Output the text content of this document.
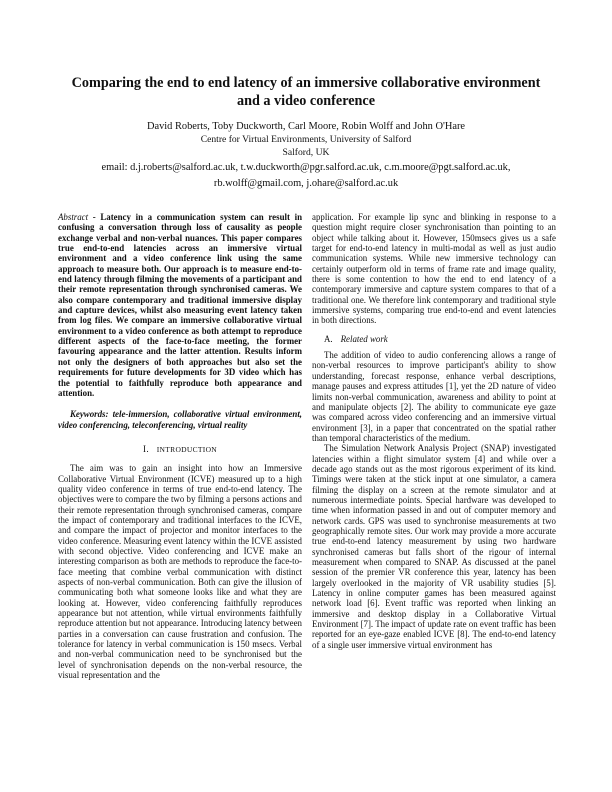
Comparing the end to end latency of an immersive collaborative environment and a video conference
David Roberts, Toby Duckworth, Carl Moore, Robin Wolff and John O'Hare
Centre for Virtual Environments, University of Salford
Salford, UK
email: d.j.roberts@salford.ac.uk, t.w.duckworth@pgr.salford.ac.uk, c.m.moore@pgt.salford.ac.uk,
rb.wolff@gmail.com, j.ohare@salford.ac.uk

Abstract - Latency in a communication system can result in confusing a conversation through loss of causality as people exchange verbal and non-verbal nuances. This paper compares true end-to-end latencies across an immersive virtual environment and a video conference link using the same approach to measure both. Our approach is to measure end-to-end latency through filming the movements of a participant and their remote representation through synchronised cameras. We also compare contemporary and traditional immersive display and capture devices, whilst also measuring event latency taken from log files. We compare an immersive collaborative virtual environment to a video conference as both attempt to reproduce different aspects of the face-to-face meeting, the former favouring appearance and the latter attention. Results inform not only the designers of both approaches but also set the requirements for future developments for 3D video which has the potential to faithfully reproduce both appearance and attention.

Keywords: tele-immersion, collaborative virtual environment, video conferencing, teleconferencing, virtual reality

I. INTRODUCTION

The aim was to gain an insight into how an Immersive Collaborative Virtual Environment (ICVE) measured up to a high quality video conference in terms of true end-to-end latency. The objectives were to compare the two by filming a persons actions and their remote representation through synchronised cameras, compare the impact of contemporary and traditional interfaces to the ICVE, and compare the impact of projector and monitor interfaces to the video conference. Measuring event latency within the ICVE assisted with second objective. Video conferencing and ICVE make an interesting comparison as both are methods to reproduce the face-to-face meeting that combine verbal communication with distinct aspects of non-verbal communication. Both can give the illusion of communicating both what someone looks like and what they are looking at. However, video conferencing faithfully reproduces appearance but not attention, while virtual environments faithfully reproduce attention but not appearance. Introducing latency between parties in a conversation can cause frustration and confusion. The tolerance for latency in verbal communication is 150 msecs. Verbal and non-verbal communication need to be synchronised but the level of synchronisation depends on the non-verbal resource, the visual representation and the

application. For example lip sync and blinking in response to a question might require closer synchronisation than pointing to an object while talking about it. However, 150msecs gives us a safe target for end-to-end latency in multi-modal as well as just audio communication systems. While new immersive technology can certainly outperform old in terms of frame rate and image quality, there is some contention to how the end to end latency of a contemporary immersive and capture system compares to that of a traditional one. We therefore link contemporary and traditional style immersive systems, comparing true end-to-end and event latencies in both directions.

A. Related work

The addition of video to audio conferencing allows a range of non-verbal resources to improve participant's ability to show understanding, forecast response, enhance verbal descriptions, manage pauses and express attitudes [1], yet the 2D nature of video limits non-verbal communication, awareness and ability to point at and manipulate objects [2]. The ability to communicate eye gaze was compared across video conferencing and an immersive virtual environment [3], in a paper that concentrated on the spatial rather than temporal characteristics of the medium.

The Simulation Network Analysis Project (SNAP) investigated latencies within a flight simulator system [4] and while over a decade ago stands out as the most rigorous experiment of its kind. Timings were taken at the stick input at one simulator, a camera filming the display on a screen at the remote simulator and at numerous intermediate points. Special hardware was developed to time when information passed in and out of computer memory and network cards. GPS was used to synchronise measurements at two geographically remote sites. Our work may provide a more accurate true end-to-end latency measurement by using two hardware synchronised cameras but falls short of the rigour of internal measurement when compared to SNAP. As discussed at the panel session of the premier VR conference this year, latency has been largely overlooked in the majority of VR usability studies [5]. Latency in online computer games has been measured against network load [6]. Event traffic was reported when linking an immersive and desktop display in a Collaborative Virtual Environment [7]. The impact of update rate on event traffic has been reported for an eye-gaze enabled ICVE [8]. The end-to-end latency of a single user immersive virtual environment has
